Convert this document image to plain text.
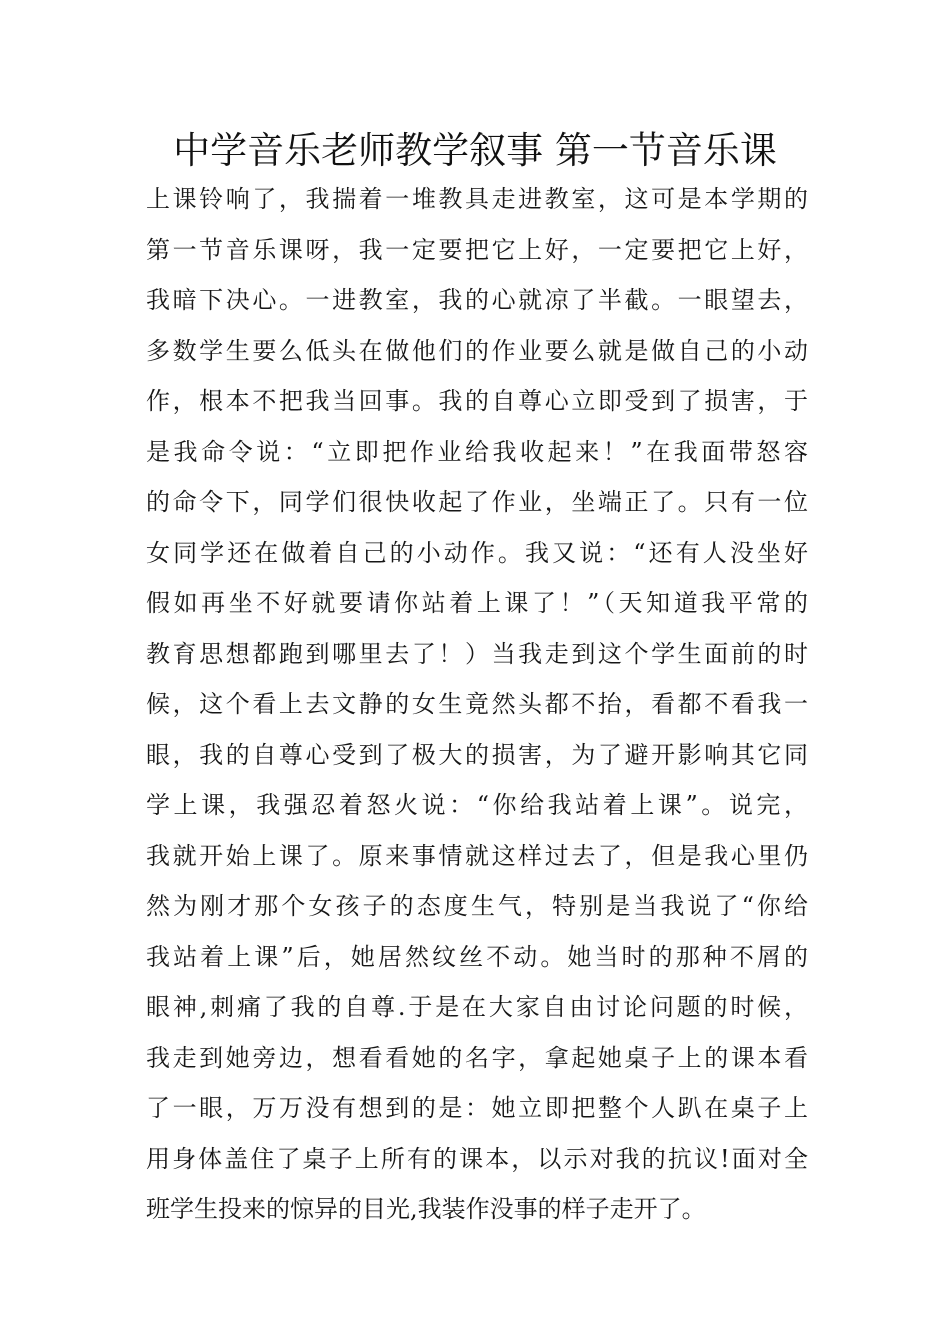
中学音乐老师教学叙事 第一节音乐课
上课铃响了，我揣着一堆教具走进教室，这可是本学期的
第一节音乐课呀，我一定要把它上好，一定要把它上好，
我暗下决心。一进教室，我的心就凉了半截。一眼望去，
多数学生要么低头在做他们的作业要么就是做自己的小动
作，根本不把我当回事。我的自尊心立即受到了损害，于
是我命令说：“立即把作业给我收起来！”在我面带怒容
的命令下，同学们很快收起了作业，坐端正了。只有一位
女同学还在做着自己的小动作。我又说：“还有人没坐好
假如再坐不好就要请你站着上课了！”（天知道我平常的
教育思想都跑到哪里去了！）当我走到这个学生面前的时
候，这个看上去文静的女生竟然头都不抬，看都不看我一
眼，我的自尊心受到了极大的损害，为了避开影响其它同
学上课，我强忍着怒火说：“你给我站着上课”。说完，
我就开始上课了。原来事情就这样过去了，但是我心里仍
然为刚才那个女孩子的态度生气，特别是当我说了“你给
我站着上课”后，她居然纹丝不动。她当时的那种不屑的
眼神,刺痛了我的自尊.于是在大家自由讨论问题的时候，
我走到她旁边，想看看她的名字，拿起她桌子上的课本看
了一眼，万万没有想到的是：她立即把整个人趴在桌子上
用身体盖住了桌子上所有的课本，以示对我的抗议!面对全
班学生投来的惊异的目光,我装作没事的样子走开了。
